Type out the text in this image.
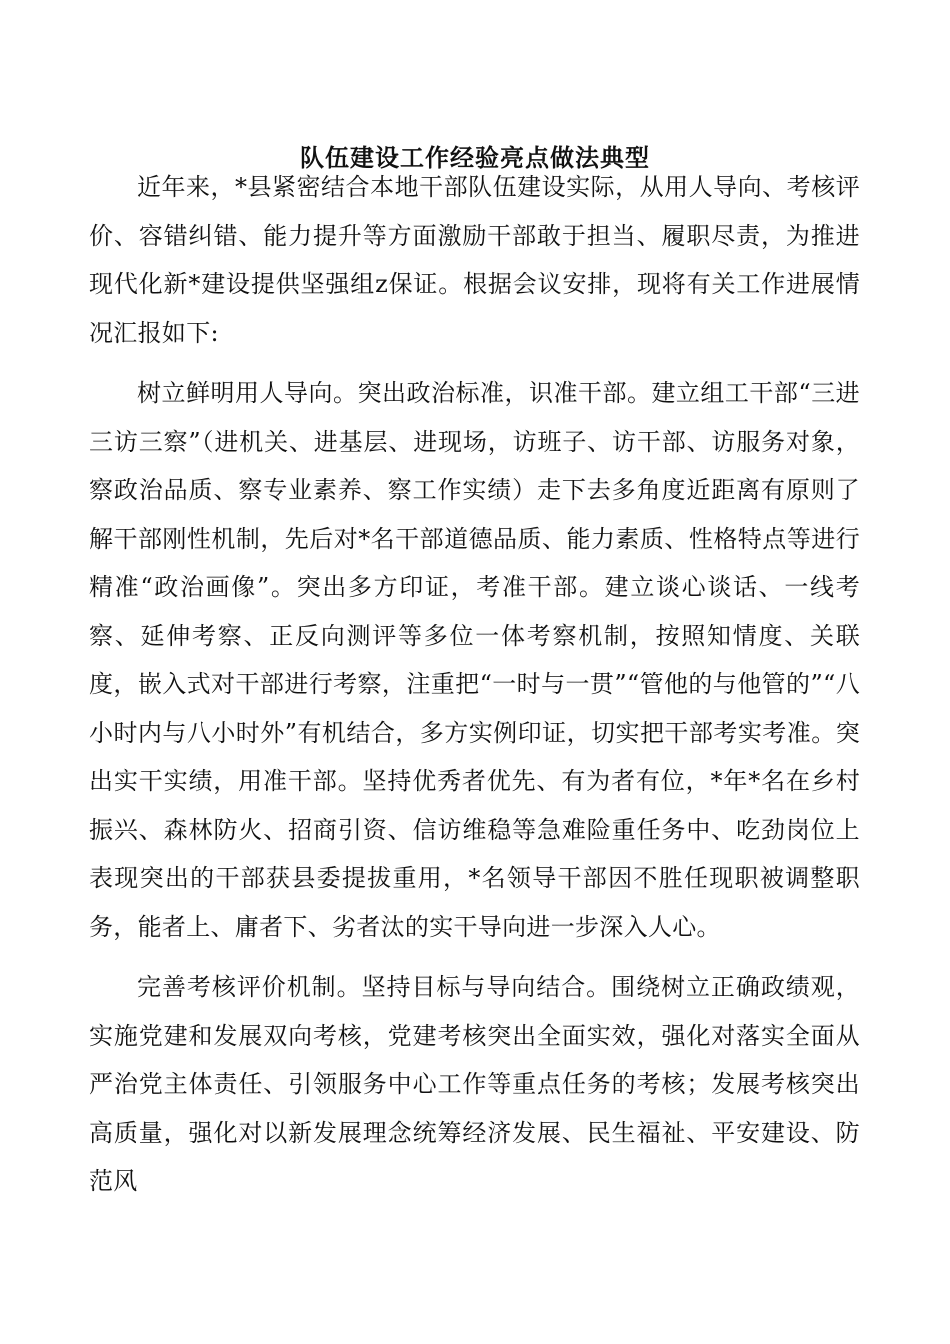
队伍建设工作经验亮点做法典型

近年来，*县紧密结合本地干部队伍建设实际，从用人导向、考核评价、容错纠错、能力提升等方面激励干部敢于担当、履职尽责，为推进现代化新*建设提供坚强组z保证。根据会议安排，现将有关工作进展情况汇报如下:

树立鲜明用人导向。突出政治标准，识准干部。建立组工干部“三进三访三察”（进机关、进基层、进现场，访班子、访干部、访服务对象，察政治品质、察专业素养、察工作实绩）走下去多角度近距离有原则了解干部刚性机制，先后对*名干部道德品质、能力素质、性格特点等进行精准“政治画像”。突出多方印证，考准干部。建立谈心谈话、一线考察、延伸考察、正反向测评等多位一体考察机制，按照知情度、关联度，嵌入式对干部进行考察，注重把“一时与一贯”“管他的与他管的”“八小时内与八小时外”有机结合，多方实例印证，切实把干部考实考准。突出实干实绩，用准干部。坚持优秀者优先、有为者有位，*年*名在乡村振兴、森林防火、招商引资、信访维稳等急难险重任务中、吃劲岗位上表现突出的干部获县委提拔重用，*名领导干部因不胜任现职被调整职务，能者上、庸者下、劣者汰的实干导向进一步深入人心。

完善考核评价机制。坚持目标与导向结合。围绕树立正确政绩观，实施党建和发展双向考核，党建考核突出全面实效，强化对落实全面从严治党主体责任、引领服务中心工作等重点任务的考核；发展考核突出高质量，强化对以新发展理念统筹经济发展、民生福祉、平安建设、防范风
